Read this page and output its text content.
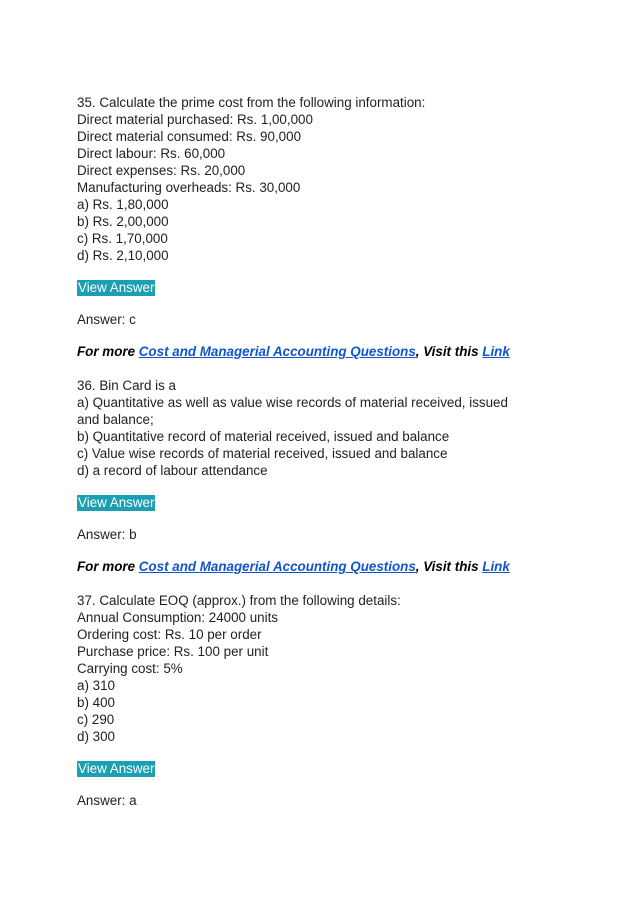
35. Calculate the prime cost from the following information:
Direct material purchased: Rs. 1,00,000
Direct material consumed: Rs. 90,000
Direct labour: Rs. 60,000
Direct expenses: Rs. 20,000
Manufacturing overheads: Rs. 30,000
a) Rs. 1,80,000
b) Rs. 2,00,000
c) Rs. 1,70,000
d) Rs. 2,10,000
View Answer
Answer: c
For more Cost and Managerial Accounting Questions, Visit this Link
36. Bin Card is a
a) Quantitative as well as value wise records of material received, issued and balance;
b) Quantitative record of material received, issued and balance
c) Value wise records of material received, issued and balance
d) a record of labour attendance
View Answer
Answer: b
For more Cost and Managerial Accounting Questions, Visit this Link
37. Calculate EOQ (approx.) from the following details:
Annual Consumption: 24000 units
Ordering cost: Rs. 10 per order
Purchase price: Rs. 100 per unit
Carrying cost: 5%
a) 310
b) 400
c) 290
d) 300
View Answer
Answer: a
